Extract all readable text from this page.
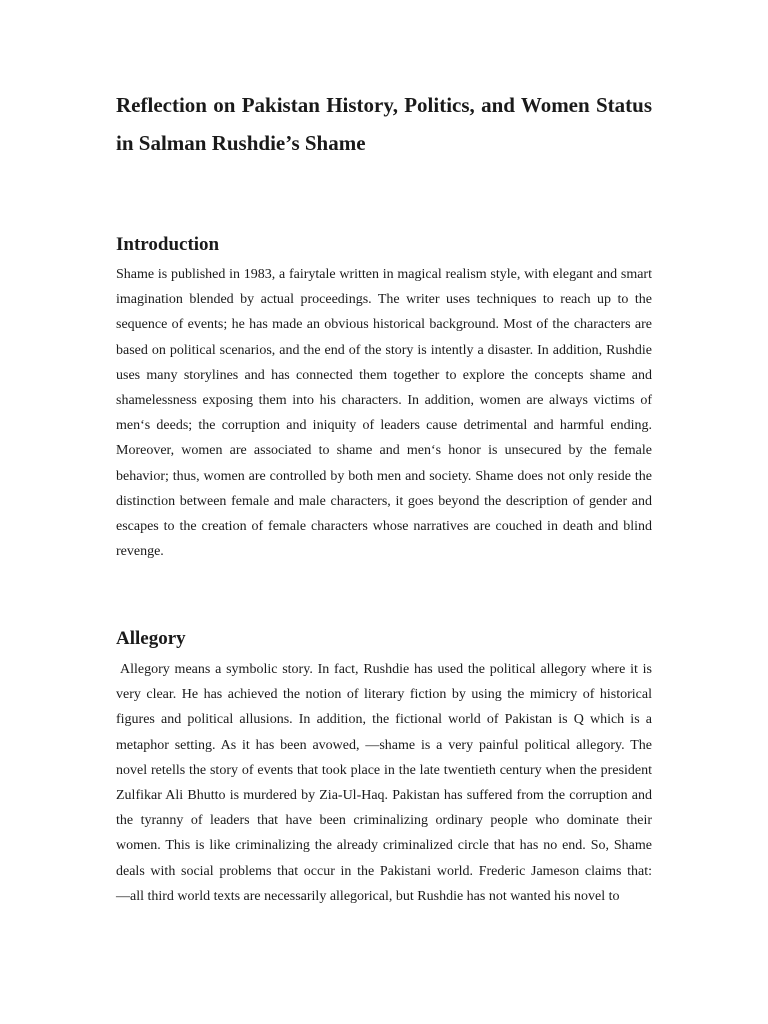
Reflection on Pakistan History, Politics, and Women Status in Salman Rushdie’s Shame
Introduction

Shame is published in 1983, a fairytale written in magical realism style, with elegant and smart imagination blended by actual proceedings. The writer uses techniques to reach up to the sequence of events; he has made an obvious historical background. Most of the characters are based on political scenarios, and the end of the story is intently a disaster. In addition, Rushdie uses many storylines and has connected them together to explore the concepts shame and shamelessness exposing them into his characters. In addition, women are always victims of men‘s deeds; the corruption and iniquity of leaders cause detrimental and harmful ending. Moreover, women are associated to shame and men‘s honor is unsecured by the female behavior; thus, women are controlled by both men and society. Shame does not only reside the distinction between female and male characters, it goes beyond the description of gender and escapes to the creation of female characters whose narratives are couched in death and blind revenge.

Allegory

Allegory means a symbolic story. In fact, Rushdie has used the political allegory where it is very clear. He has achieved the notion of literary fiction by using the mimicry of historical figures and political allusions. In addition, the fictional world of Pakistan is Q which is a metaphor setting. As it has been avowed, ―shame is a very painful political allegory. The novel retells the story of events that took place in the late twentieth century when the president Zulfikar Ali Bhutto is murdered by Zia-Ul-Haq. Pakistan has suffered from the corruption and the tyranny of leaders that have been criminalizing ordinary people who dominate their women. This is like criminalizing the already criminalized circle that has no end. So, Shame deals with social problems that occur in the Pakistani world. Frederic Jameson claims that: ―all third world texts are necessarily allegorical, but Rushdie has not wanted his novel to
